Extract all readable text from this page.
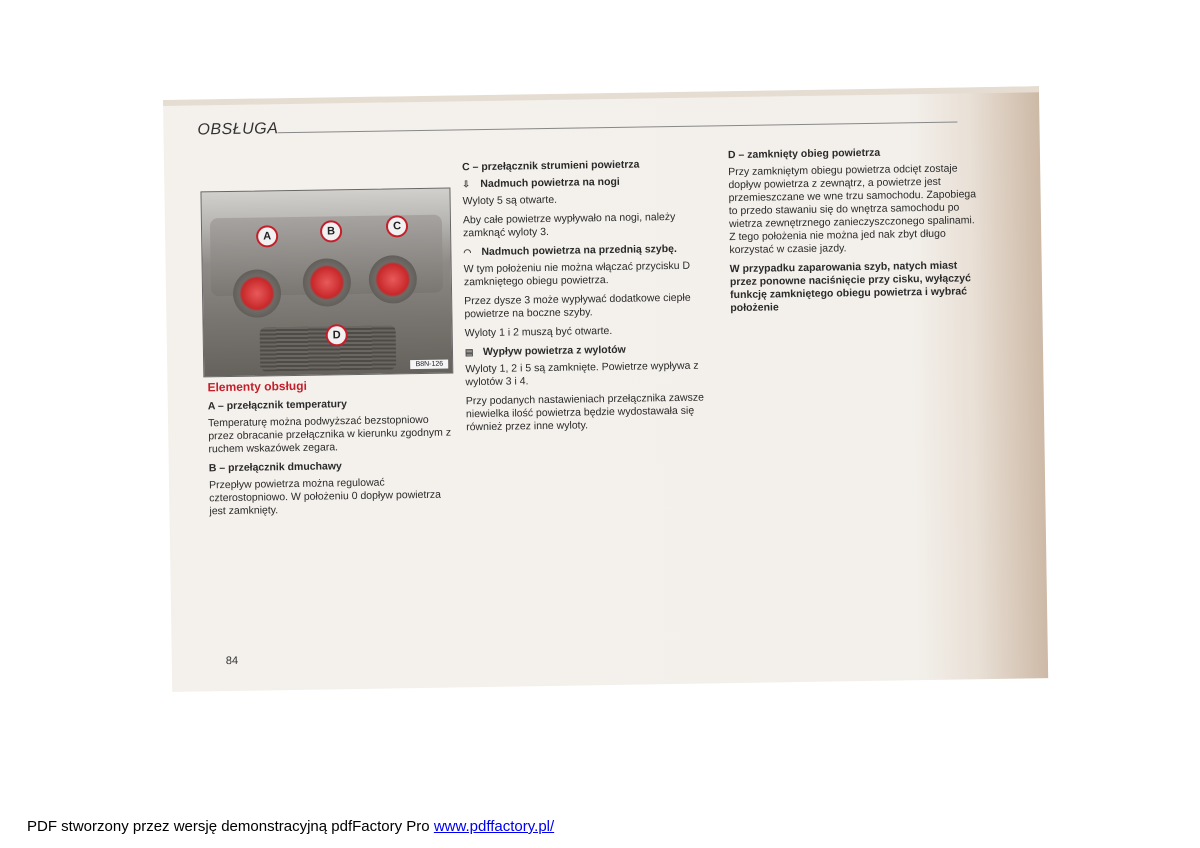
OBSŁUGA
A	B	C
D
B8N-126

Elementy obsługi

A – przełącznik temperatury

Temperaturę można podwyższać bezstopniowo przez obracanie przełącznika w kierunku zgodnym z ruchem wskazówek zegara.

B – przełącznik dmuchawy

Przepływ powietrza można regulować czterostopniowo. W położeniu 0 dopływ powietrza jest zamknięty.

C – przełącznik strumieni powietrza

⇩ Nadmuch powietrza na nogi

Wyloty 5 są otwarte.

Aby całe powietrze wypływało na nogi, należy zamknąć wyloty 3.

◠ Nadmuch powietrza na przednią szybę.

W tym położeniu nie można włączać przycisku D zamkniętego obiegu powietrza.

Przez dysze 3 może wypływać dodatkowe ciepłe powietrze na boczne szyby.

Wyloty 1 i 2 muszą być otwarte.

▤ Wypływ powietrza z wylotów

Wyloty 1, 2 i 5 są zamknięte. Powietrze wypływa z wylotów 3 i 4.

Przy podanych nastawieniach przełącznika zawsze niewielka ilość powietrza będzie wydostawała się również przez inne wyloty.

D – zamknięty obieg powietrza

Przy zamkniętym obiegu powietrza odcięt zostaje dopływ powietrza z zewnątrz, a powietrze jest przemieszczane we wne trzu samochodu. Zapobiega to przedo stawaniu się do wnętrza samochodu po wietrza zewnętrznego zanieczyszczonego spalinami. Z tego położenia nie można jed nak zbyt długo korzystać w czasie jazdy.

W przypadku zaparowania szyb, natych miast przez ponowne naciśnięcie przy cisku, wyłączyć funkcję zamkniętego obiegu powietrza i wybrać położenie

84
PDF stworzony przez wersję demonstracyjną pdfFactory Pro www.pdffactory.pl/
